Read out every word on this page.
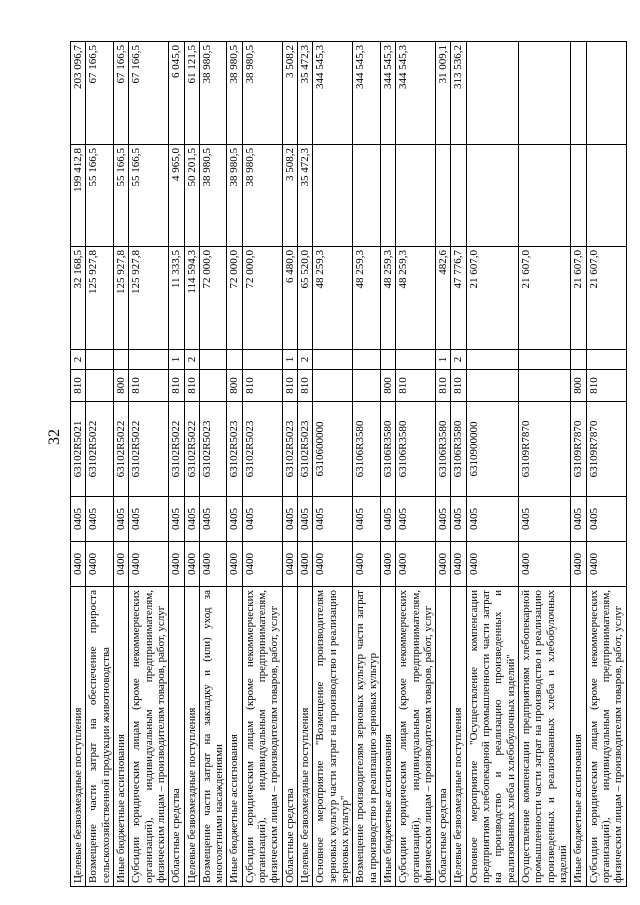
32
Целевые безвозмездные поступления	0400	0405	63102R5021	810	2	32 168,5	199 412,8	203 096,7
Возмещение части затрат на обеспечение прироста сельскохозяйственной продукции животноводства	0400	0405	63102R5022			125 927,8	55 166,5	67 166,5
Иные бюджетные ассигнования	0400	0405	63102R5022	800		125 927,8	55 166,5	67 166,5
Субсидии юридическим лицам (кроме некоммерческих организаций), индивидуальным предпринимателям, физическим лицам – производителям товаров, работ, услуг	0400	0405	63102R5022	810		125 927,8	55 166,5	67 166,5
Областные средства	0400	0405	63102R5022	810	1	11 333,5	4 965,0	6 045,0
Целевые безвозмездные поступления	0400	0405	63102R5022	810	2	114 594,3	50 201,5	61 121,5
Возмещение части затрат на закладку и (или) уход за многолетними насаждениями	0400	0405	63102R5023			72 000,0	38 980,5	38 980,5
Иные бюджетные ассигнования	0400	0405	63102R5023	800		72 000,0	38 980,5	38 980,5
Субсидии юридическим лицам (кроме некоммерческих организаций), индивидуальным предпринимателям, физическим лицам – производителям товаров, работ, услуг	0400	0405	63102R5023	810		72 000,0	38 980,5	38 980,5
Областные средства	0400	0405	63102R5023	810	1	6 480,0	3 508,2	3 508,2
Целевые безвозмездные поступления	0400	0405	63102R5023	810	2	65 520,0	35 472,3	35 472,3
Основное мероприятие "Возмещение производителям зерновых культур части затрат на производство и реализацию зерновых культур"	0400	0405	6310600000			48 259,3		344 545,3
Возмещение производителям зерновых культур части затрат на производство и реализацию зерновых культур	0400	0405	63106R3580			48 259,3		344 545,3
Иные бюджетные ассигнования	0400	0405	63106R3580	800		48 259,3		344 545,3
Субсидии юридическим лицам (кроме некоммерческих организаций), индивидуальным предпринимателям, физическим лицам – производителям товаров, работ, услуг	0400	0405	63106R3580	810		48 259,3		344 545,3
Областные средства	0400	0405	63106R3580	810	1	482,6		31 009,1
Целевые безвозмездные поступления	0400	0405	63106R3580	810	2	47 776,7		313 536,2
Основное мероприятие "Осуществление компенсации предприятиям хлебопекарной промышленности части затрат на производство и реализацию произведенных и реализованных хлеба и хлебобулочных изделий"	0400	0405	6310900000			21 607,0		
Осуществление компенсации предприятиям хлебопекарной промышленности части затрат на производство и реализацию произведенных и реализованных хлеба и хлебобулочных изделий	0400	0405	63109R7870			21 607,0		
Иные бюджетные ассигнования	0400	0405	63109R7870	800		21 607,0		
Субсидии юридическим лицам (кроме некоммерческих организаций), индивидуальным предпринимателям, физическим лицам – производителям товаров, работ, услуг	0400	0405	63109R7870	810		21 607,0		
